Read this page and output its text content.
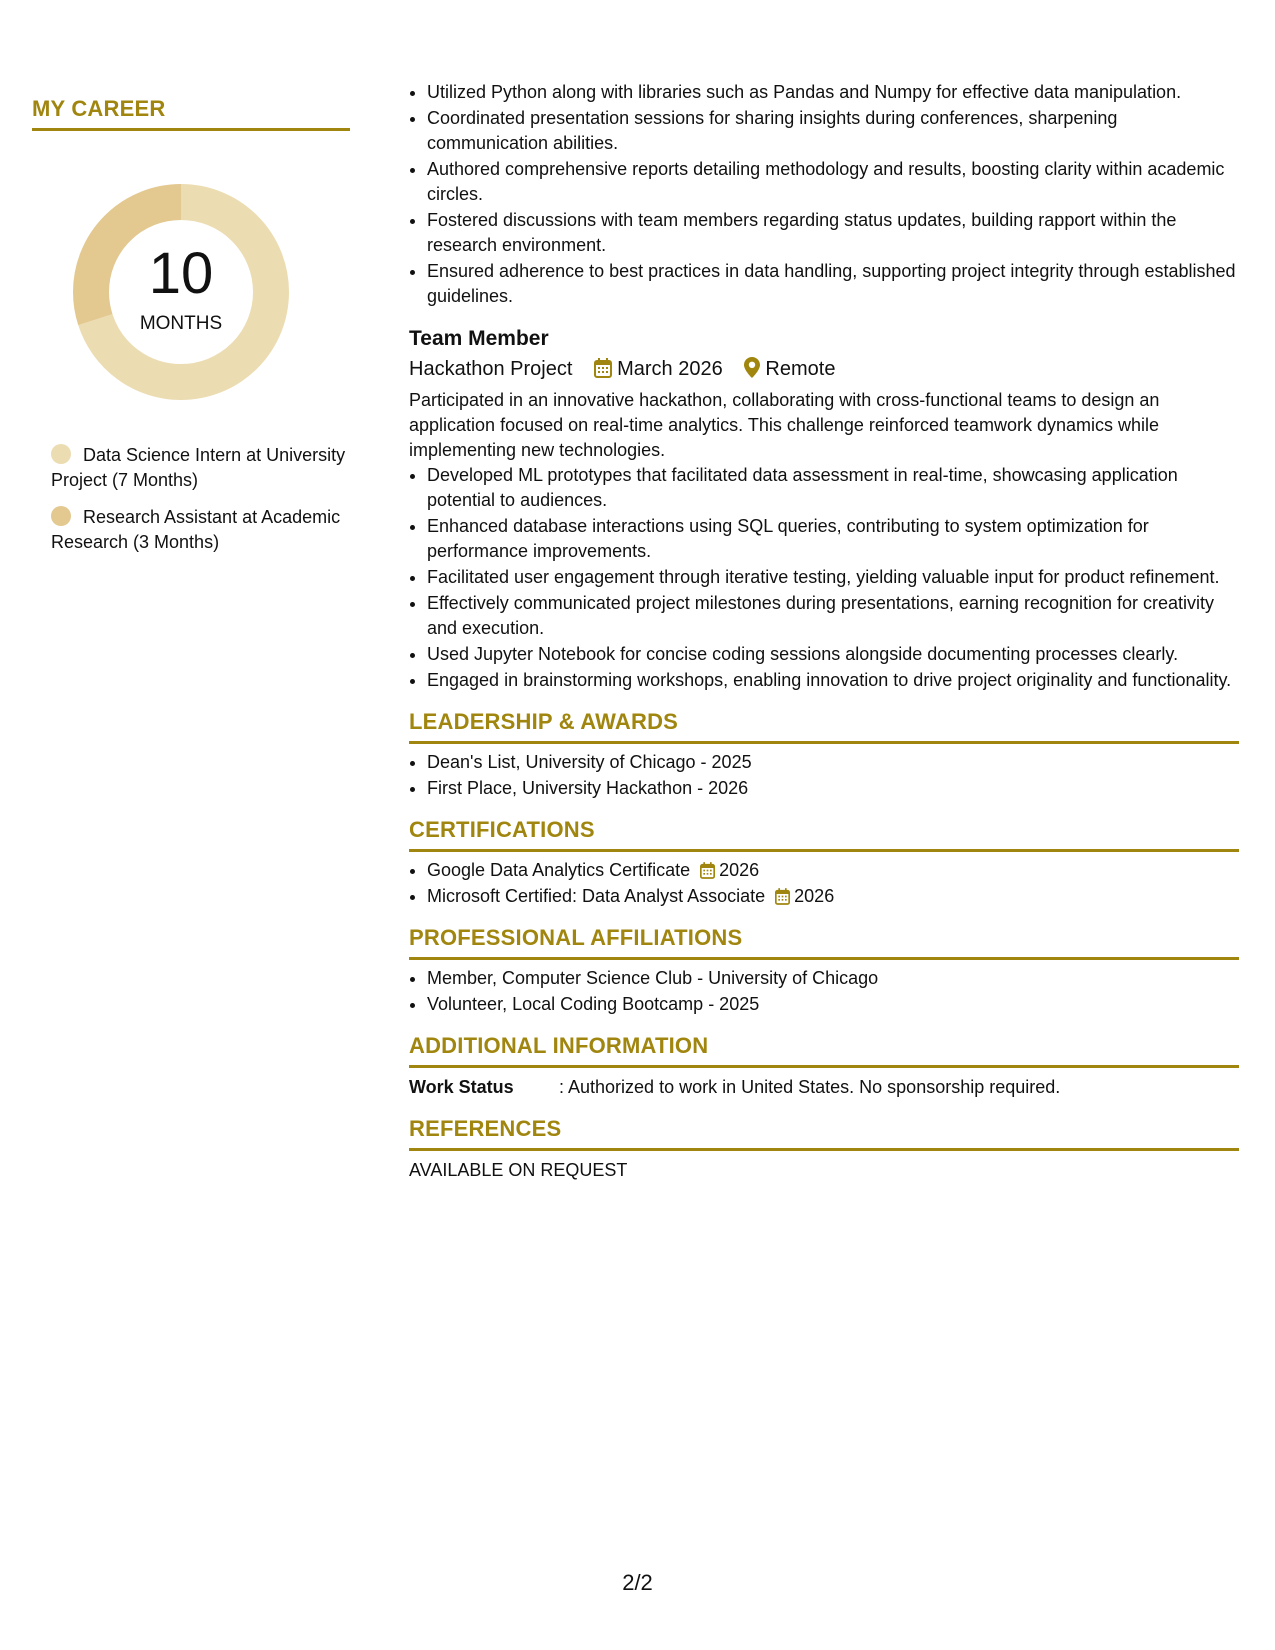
MY CAREER
10
MONTHS
Data Science Intern at University Project (7 Months)
Research Assistant at Academic Research (3 Months)
• Utilized Python along with libraries such as Pandas and Numpy for effective data manipulation.
• Coordinated presentation sessions for sharing insights during conferences, sharpening communication abilities.
• Authored comprehensive reports detailing methodology and results, boosting clarity within academic circles.
• Fostered discussions with team members regarding status updates, building rapport within the research environment.
• Ensured adherence to best practices in data handling, supporting project integrity through established guidelines.
Team Member
Hackathon Project March 2026 Remote
Participated in an innovative hackathon, collaborating with cross-functional teams to design an application focused on real-time analytics. This challenge reinforced teamwork dynamics while implementing new technologies.
• Developed ML prototypes that facilitated data assessment in real-time, showcasing application potential to audiences.
• Enhanced database interactions using SQL queries, contributing to system optimization for performance improvements.
• Facilitated user engagement through iterative testing, yielding valuable input for product refinement.
• Effectively communicated project milestones during presentations, earning recognition for creativity and execution.
• Used Jupyter Notebook for concise coding sessions alongside documenting processes clearly.
• Engaged in brainstorming workshops, enabling innovation to drive project originality and functionality.
LEADERSHIP & AWARDS
• Dean's List, University of Chicago - 2025
• First Place, University Hackathon - 2026
CERTIFICATIONS
• Google Data Analytics Certificate 2026
• Microsoft Certified: Data Analyst Associate 2026
PROFESSIONAL AFFILIATIONS
• Member, Computer Science Club - University of Chicago
• Volunteer, Local Coding Bootcamp - 2025
ADDITIONAL INFORMATION
Work Status	: Authorized to work in United States. No sponsorship required.
REFERENCES
AVAILABLE ON REQUEST
2/2
